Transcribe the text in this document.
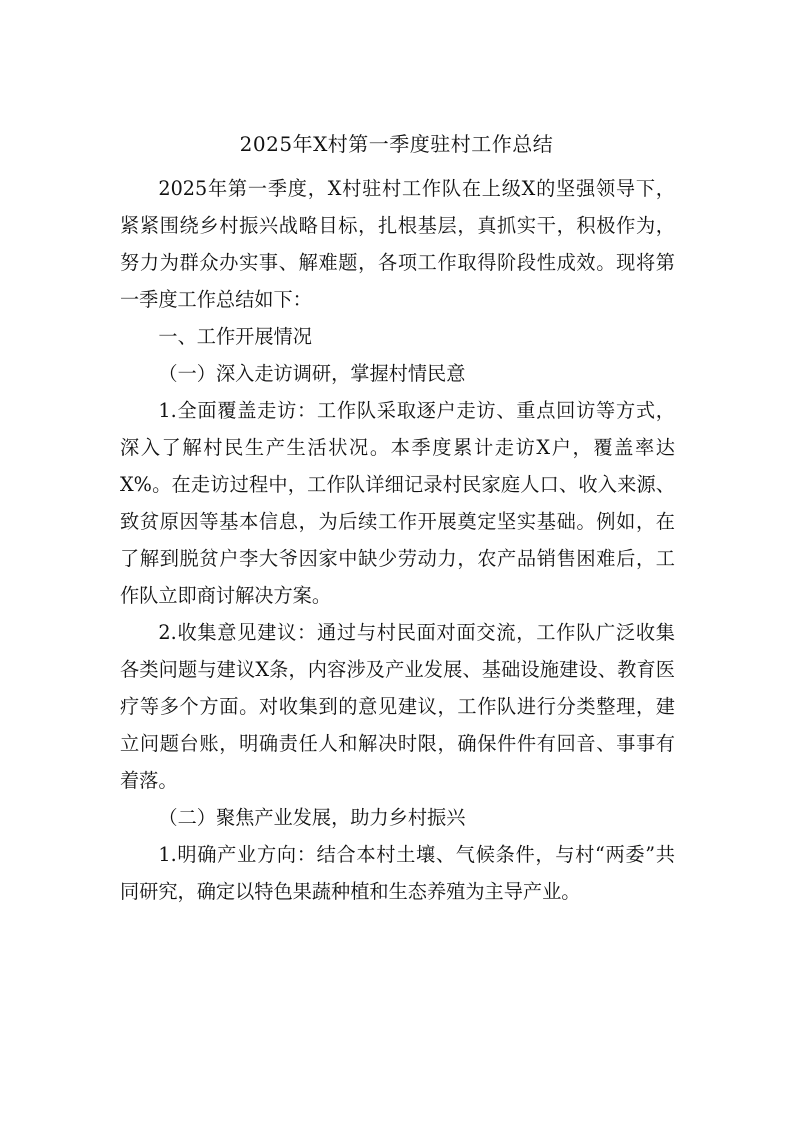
2025年X村第一季度驻村工作总结

2025年第一季度，X村驻村工作队在上级X的坚强领导下，紧紧围绕乡村振兴战略目标，扎根基层，真抓实干，积极作为，努力为群众办实事、解难题，各项工作取得阶段性成效。现将第一季度工作总结如下：

一、工作开展情况

（一）深入走访调研，掌握村情民意

1.全面覆盖走访：工作队采取逐户走访、重点回访等方式，深入了解村民生产生活状况。本季度累计走访X户，覆盖率达X%。在走访过程中，工作队详细记录村民家庭人口、收入来源、致贫原因等基本信息，为后续工作开展奠定坚实基础。例如，在了解到脱贫户李大爷因家中缺少劳动力，农产品销售困难后，工作队立即商讨解决方案。

2.收集意见建议：通过与村民面对面交流，工作队广泛收集各类问题与建议X条，内容涉及产业发展、基础设施建设、教育医疗等多个方面。对收集到的意见建议，工作队进行分类整理，建立问题台账，明确责任人和解决时限，确保件件有回音、事事有着落。

（二）聚焦产业发展，助力乡村振兴

1.明确产业方向：结合本村土壤、气候条件，与村“两委”共同研究，确定以特色果蔬种植和生态养殖为主导产业。
